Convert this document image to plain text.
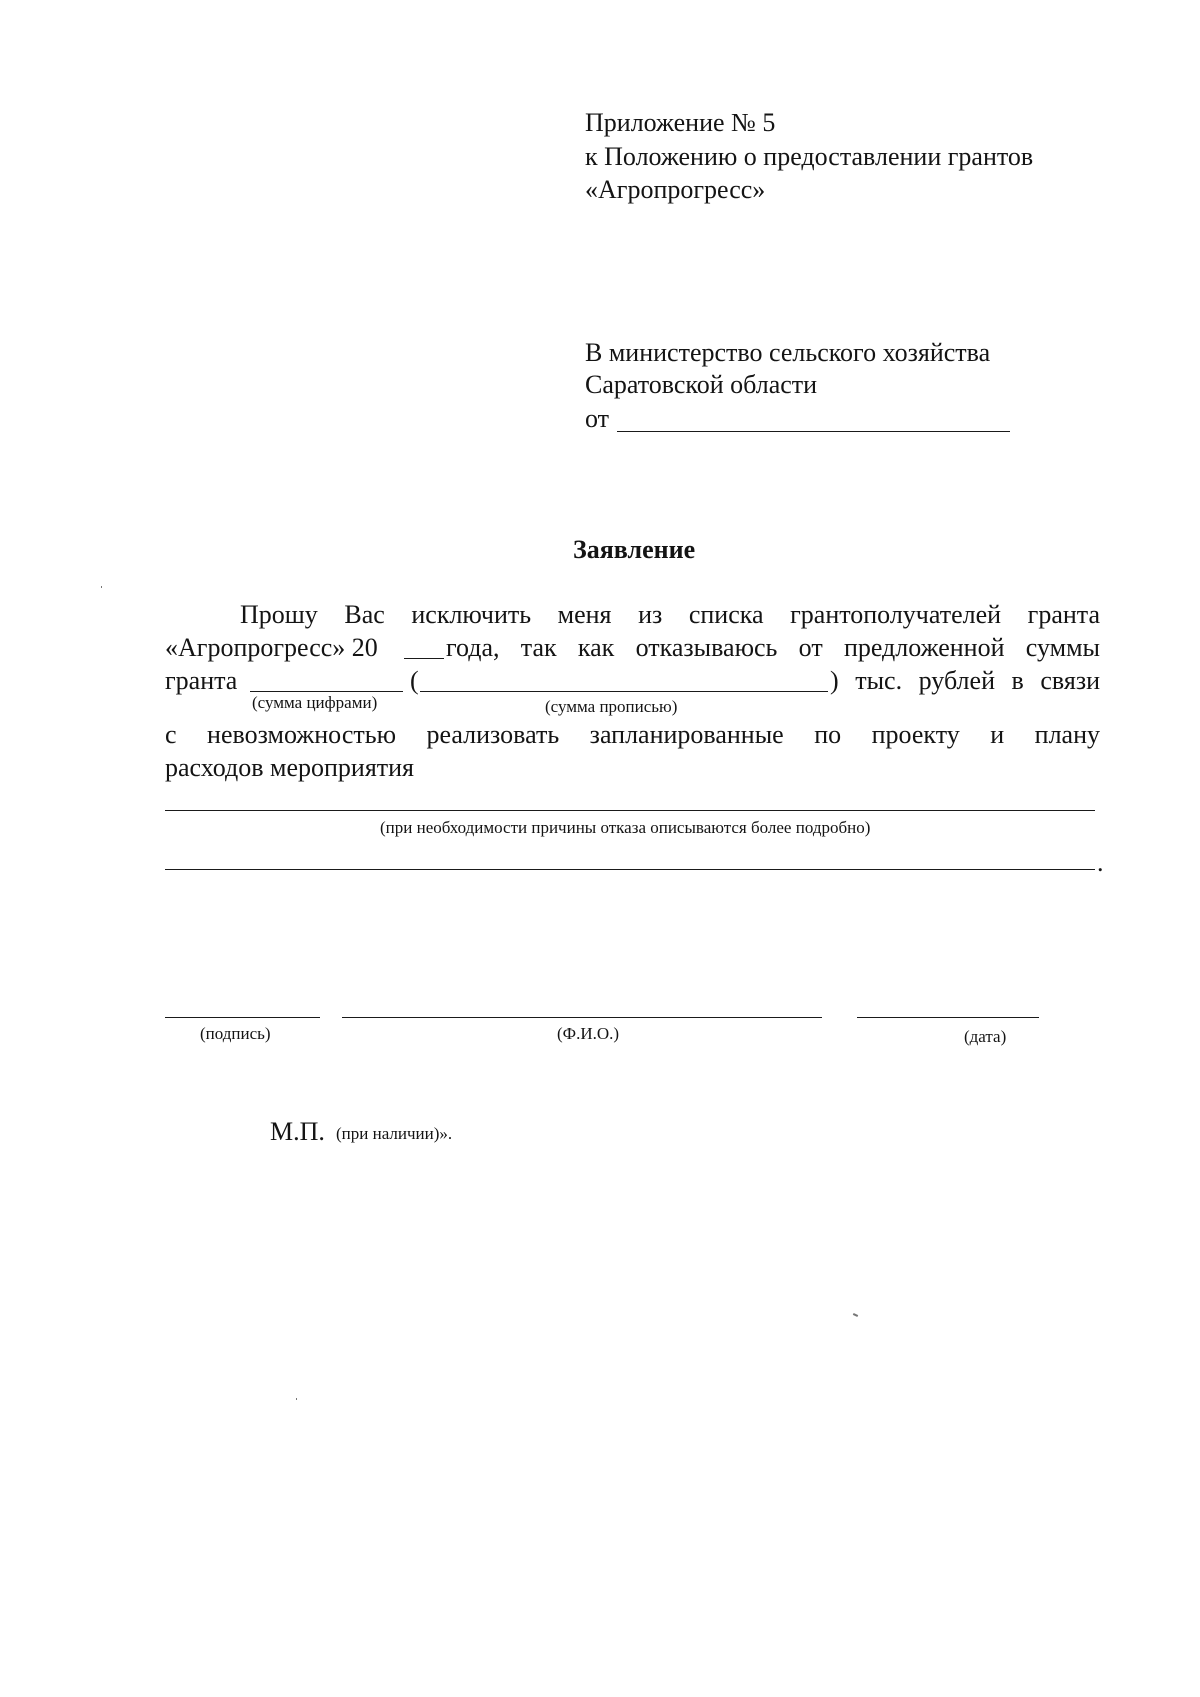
Приложение № 5
к Положению о предоставлении грантов
«Агропрогресс»
В министерство сельского хозяйства
Саратовской области
от
Заявление
Прошу Вас исключить меня из списка грантополучателей гранта
«Агропрогресс» 20	года, так как отказываюсь от предложенной суммы
гранта	(	) тыс. рублей в связи
(сумма цифрами)	(сумма прописью)
с невозможностью реализовать запланированные по проекту и плану
расходов мероприятия
(при необходимости причины отказа описываются более подробно)
.
(подпись)	(Ф.И.О.)	(дата)
М.П. (при наличии)».
